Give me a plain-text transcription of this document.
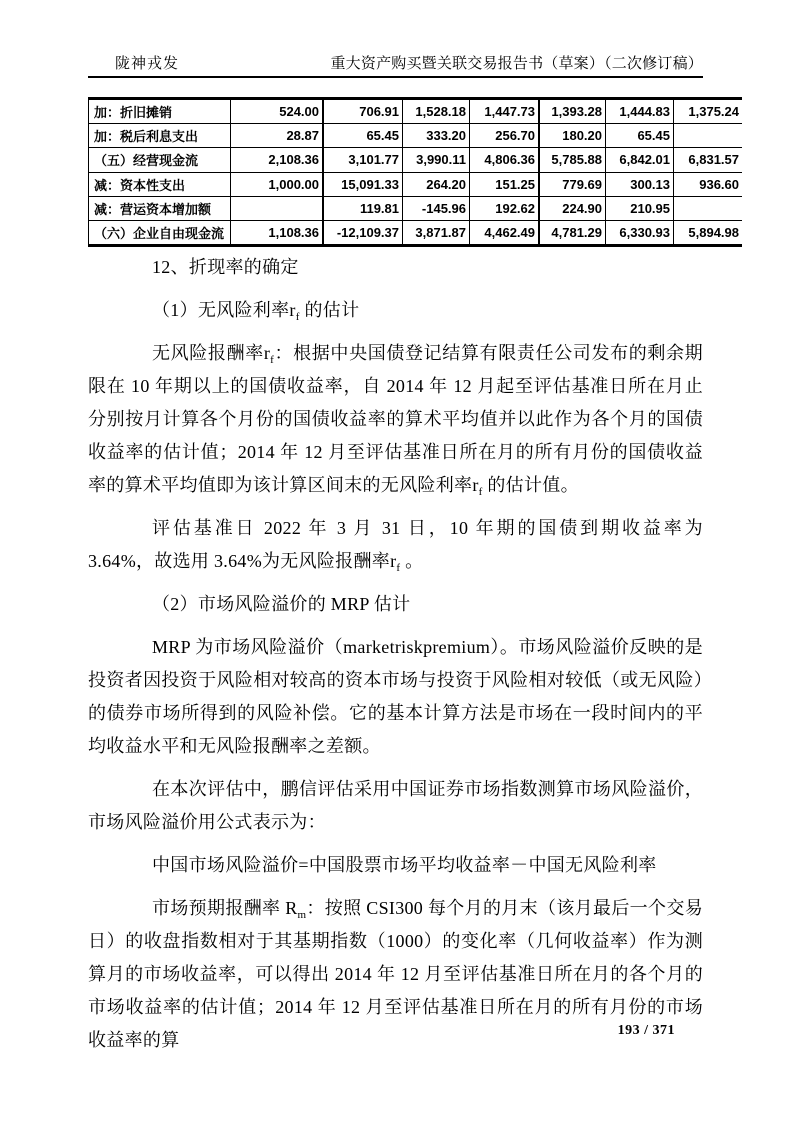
陇神戎发	重大资产购买暨关联交易报告书（草案）（二次修订稿）
加：折旧摊销	524.00	706.91	1,528.18	1,447.73	1,393.28	1,444.83	1,375.24
加：税后利息支出	28.87	65.45	333.20	256.70	180.20	65.45	
（五）经营现金流	2,108.36	3,101.77	3,990.11	4,806.36	5,785.88	6,842.01	6,831.57
减：资本性支出	1,000.00	15,091.33	264.20	151.25	779.69	300.13	936.60
减：营运资本增加额		119.81	-145.96	192.62	224.90	210.95	
（六）企业自由现金流	1,108.36	-12,109.37	3,871.87	4,462.49	4,781.29	6,330.93	5,894.98
12、折现率的确定
（1）无风险利率$r_f$ 的估计
无风险报酬率$r_f$：根据中央国债登记结算有限责任公司发布的剩余期限在 10 年期以上的国债收益率，自 2014 年 12 月起至评估基准日所在月止分别按月计算各个月份的国债收益率的算术平均值并以此作为各个月的国债收益率的估计值；2014 年 12 月至评估基准日所在月的所有月份的国债收益率的算术平均值即为该计算区间末的无风险利率$r_f$ 的估计值。
评估基准日 2022 年 3 月 31 日，10 年期的国债到期收益率为 3.64%，故选用 3.64%为无风险报酬率$r_f$ 。
（2）市场风险溢价的 MRP 估计
MRP 为市场风险溢价（marketriskpremium）。市场风险溢价反映的是投资者因投资于风险相对较高的资本市场与投资于风险相对较低（或无风险）的债券市场所得到的风险补偿。它的基本计算方法是市场在一段时间内的平均收益水平和无风险报酬率之差额。
在本次评估中，鹏信评估采用中国证券市场指数测算市场风险溢价，市场风险溢价用公式表示为：
中国市场风险溢价=中国股票市场平均收益率－中国无风险利率
市场预期报酬率 $R_m$：按照 CSI300 每个月的月末（该月最后一个交易日）的收盘指数相对于其基期指数（1000）的变化率（几何收益率）作为测算月的市场收益率，可以得出 2014 年 12 月至评估基准日所在月的各个月的市场收益率的估计值；2014 年 12 月至评估基准日所在月的所有月份的市场收益率的算	193 / 371
